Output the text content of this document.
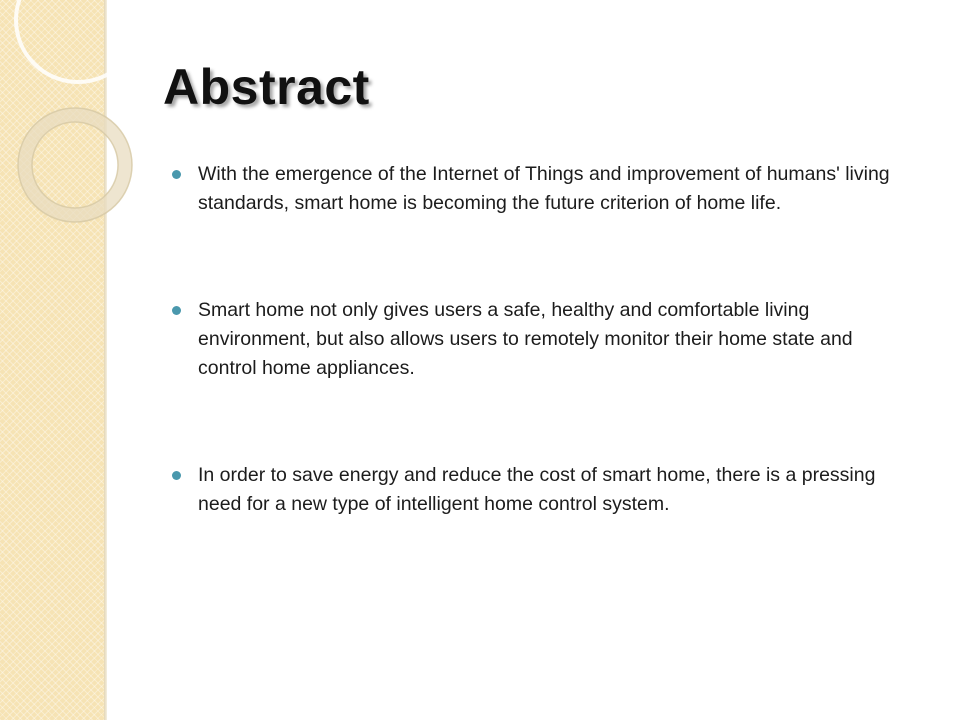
Abstract
With the emergence of the Internet of Things and improvement of humans' living standards, smart home is becoming the future criterion of home life.
Smart home not only gives users a safe, healthy and comfortable living environment, but also allows users to remotely monitor their home state and control home appliances.
In order to save energy and reduce the cost of smart home, there is a pressing need for a new type of intelligent home control system.
